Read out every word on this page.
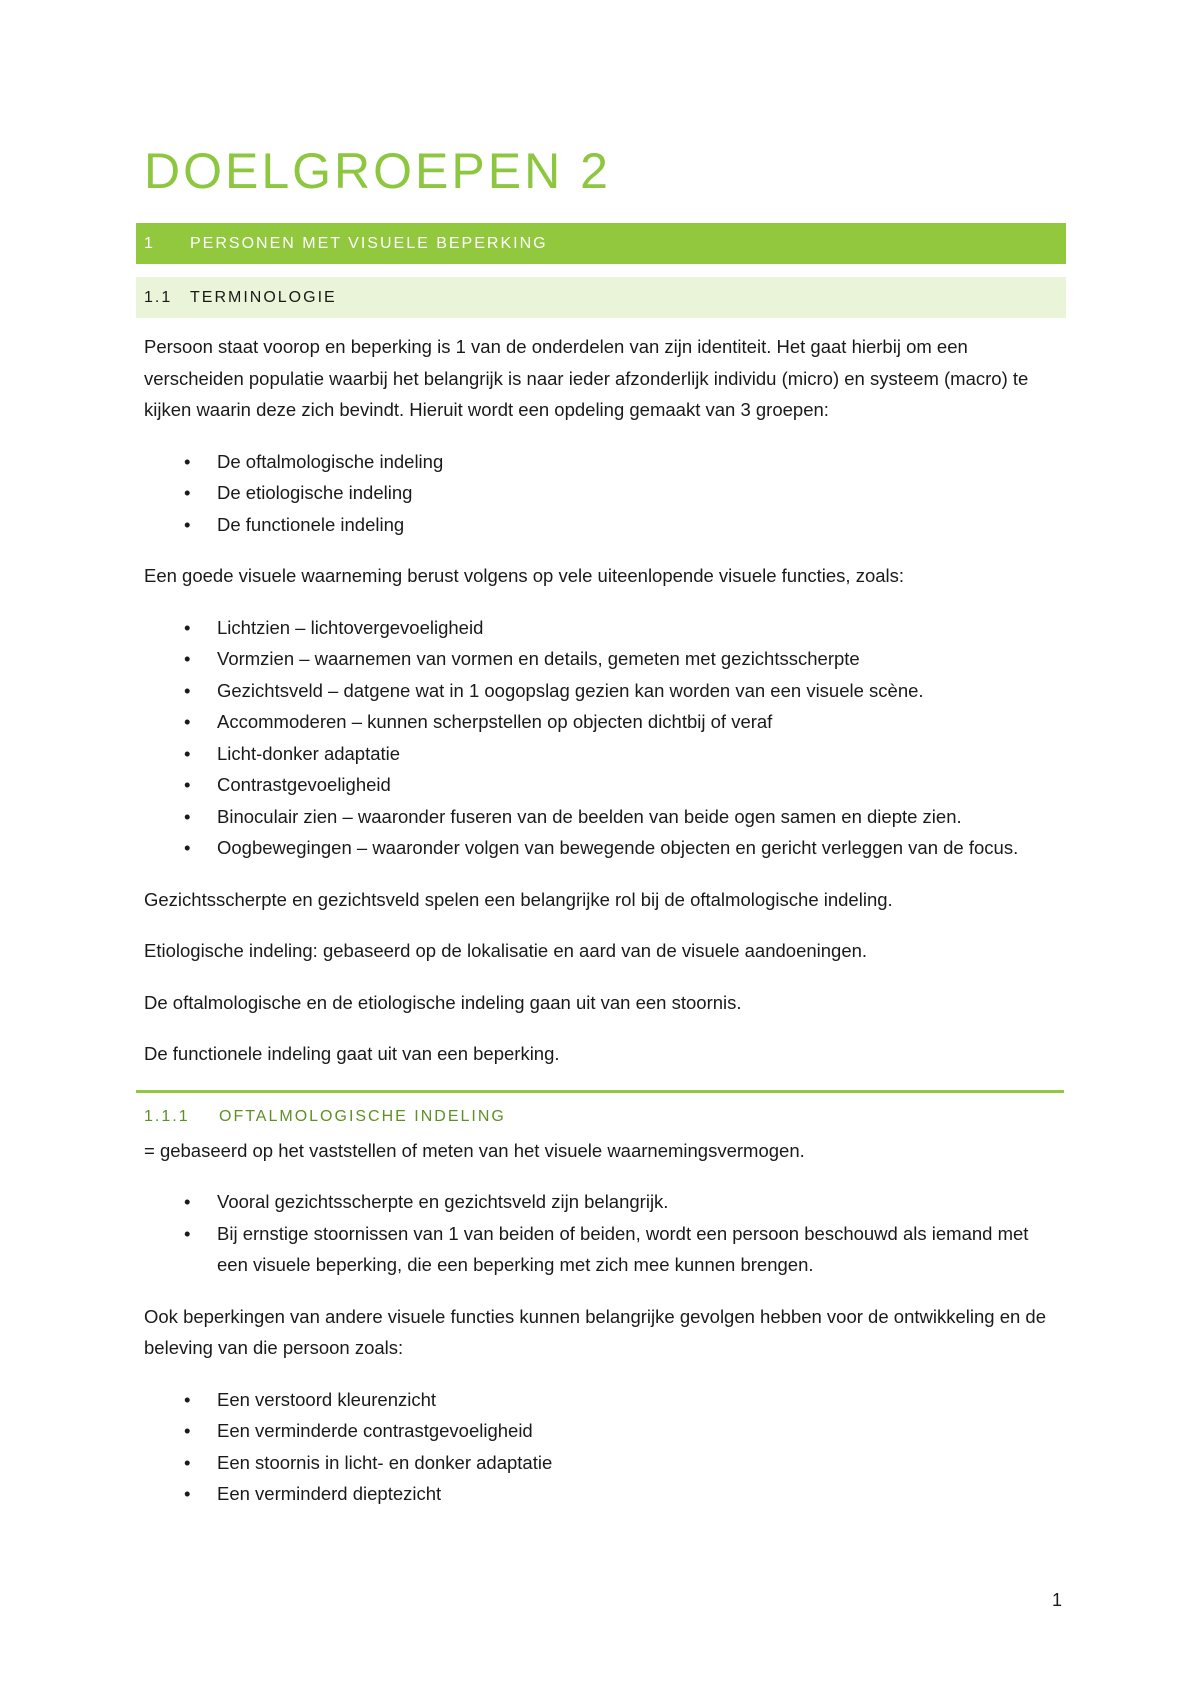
DOELGROEPEN 2
1	PERSONEN MET VISUELE BEPERKING
1.1	TERMINOLOGIE

Persoon staat voorop en beperking is 1 van de onderdelen van zijn identiteit. Het gaat hierbij om een verscheiden populatie waarbij het belangrijk is naar ieder afzonderlijk individu (micro) en systeem (macro) te kijken waarin deze zich bevindt. Hieruit wordt een opdeling gemaakt van 3 groepen:

• De oftalmologische indeling
• De etiologische indeling
• De functionele indeling

Een goede visuele waarneming berust volgens op vele uiteenlopende visuele functies, zoals:

• Lichtzien – lichtovergevoeligheid
• Vormzien – waarnemen van vormen en details, gemeten met gezichtsscherpte
• Gezichtsveld – datgene wat in 1 oogopslag gezien kan worden van een visuele scène.
• Accommoderen – kunnen scherpstellen op objecten dichtbij of veraf
• Licht-donker adaptatie
• Contrastgevoeligheid
• Binoculair zien – waaronder fuseren van de beelden van beide ogen samen en diepte zien.
• Oogbewegingen – waaronder volgen van bewegende objecten en gericht verleggen van de focus.

Gezichtsscherpte en gezichtsveld spelen een belangrijke rol bij de oftalmologische indeling.

Etiologische indeling: gebaseerd op de lokalisatie en aard van de visuele aandoeningen.

De oftalmologische en de etiologische indeling gaan uit van een stoornis.

De functionele indeling gaat uit van een beperking.

1.1.1 OFTALMOLOGISCHE INDELING

= gebaseerd op het vaststellen of meten van het visuele waarnemingsvermogen.

• Vooral gezichtsscherpte en gezichtsveld zijn belangrijk.
• Bij ernstige stoornissen van 1 van beiden of beiden, wordt een persoon beschouwd als iemand met een visuele beperking, die een beperking met zich mee kunnen brengen.

Ook beperkingen van andere visuele functies kunnen belangrijke gevolgen hebben voor de ontwikkeling en de beleving van die persoon zoals:

• Een verstoord kleurenzicht
• Een verminderde contrastgevoeligheid
• Een stoornis in licht- en donker adaptatie
• Een verminderd dieptezicht
1
